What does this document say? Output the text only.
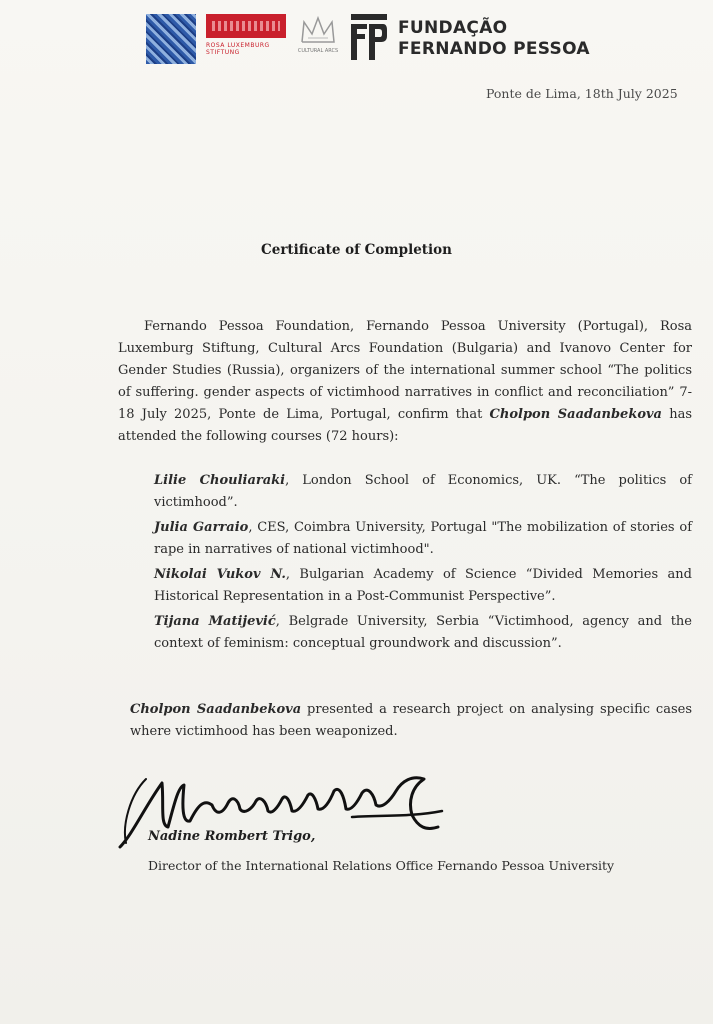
ROSA LUXEMBURG STIFTUNG	CULTURAL ARCS
FUNDAÇÃO
FERNANDO PESSOA
Ponte de Lima, 18th July 2025
Certificate of Completion

Fernando Pessoa Foundation, Fernando Pessoa University (Portugal), Rosa Luxemburg Stiftung, Cultural Arcs Foundation (Bulgaria) and Ivanovo Center for Gender Studies (Russia), organizers of the international summer school “The politics of suffering. gender aspects of victimhood narratives in conflict and reconciliation” 7-18 July 2025, Ponte de Lima, Portugal, confirm that Cholpon Saadanbekova has attended the following courses (72 hours):

Lilie Chouliaraki, London School of Economics, UK. “The politics of victimhood”.

Julia Garraio, CES, Coimbra University, Portugal "The mobilization of stories of rape in narratives of national victimhood".

Nikolai Vukov N., Bulgarian Academy of Science “Divided Memories and Historical Representation in a Post-Communist Perspective”.

Tijana Matijević, Belgrade University, Serbia “Victimhood, agency and the context of feminism: conceptual groundwork and discussion”.

Cholpon Saadanbekova presented a research project on analysing specific cases where victimhood has been weaponized.

Nadine Rombert Trigo,
Director of the International Relations Office Fernando Pessoa University
